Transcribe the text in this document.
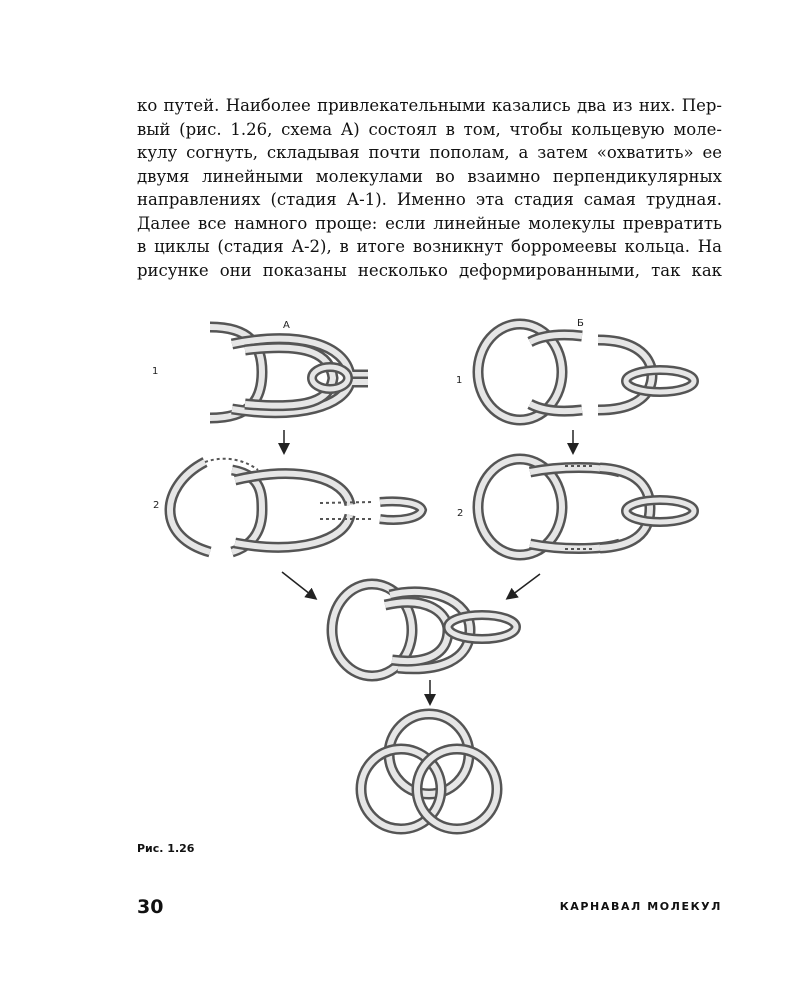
ко путей. Наиболее привлекательными казались два из них. Пер-
вый (рис. 1.26, схема А) состоял в том, чтобы кольцевую моле-
кулу согнуть, складывая почти пополам, а затем «охватить» ее
двумя линейными молекулами во взаимно перпендикулярных
направлениях (стадия А-1). Именно эта стадия самая трудная.
Далее все намного проще: если линейные молекулы превратить
в циклы (стадия А-2), в итоге возникнут борромеевы кольца. На
рисунке они показаны несколько деформированными, так как
А	Б
1
1
2
2
Рис. 1.26
30	КАРНАВАЛ МОЛЕКУЛ
